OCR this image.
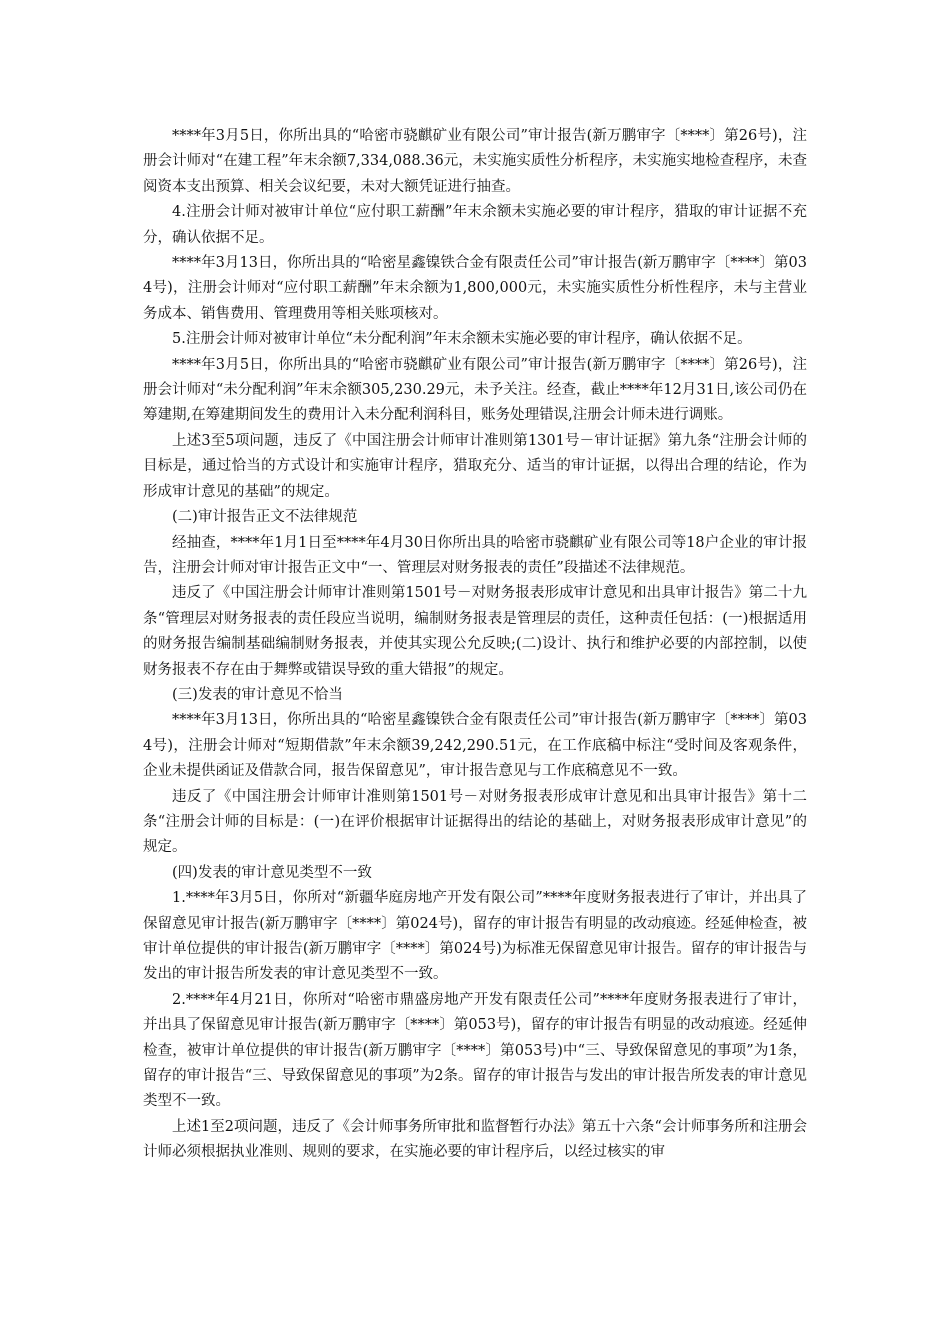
****年3月5日，你所出具的“哈密市骁麒矿业有限公司”审计报告(新万鹏审字〔****〕第26号)，注册会计师对“在建工程”年末余额7,334,088.36元，未实施实质性分析程序，未实施实地检查程序，未查阅资本支出预算、相关会议纪要，未对大额凭证进行抽查。

4.注册会计师对被审计单位“应付职工薪酬”年末余额未实施必要的审计程序，猎取的审计证据不充分，确认依据不足。

****年3月13日，你所出具的“哈密星鑫镍铁合金有限责任公司”审计报告(新万鹏审字〔****〕第034号)，注册会计师对“应付职工薪酬”年末余额为1,800,000元，未实施实质性分析性程序，未与主营业务成本、销售费用、管理费用等相关账项核对。

5.注册会计师对被审计单位“未分配利润”年末余额未实施必要的审计程序，确认依据不足。

****年3月5日，你所出具的“哈密市骁麒矿业有限公司”审计报告(新万鹏审字〔****〕第26号)，注册会计师对“未分配利润”年末余额305,230.29元，未予关注。经查，截止****年12月31日,该公司仍在筹建期,在筹建期间发生的费用计入未分配利润科目，账务处理错误,注册会计师未进行调账。

上述3至5项问题，违反了《中国注册会计师审计准则第1301号－审计证据》第九条“注册会计师的目标是，通过恰当的方式设计和实施审计程序，猎取充分、适当的审计证据，以得出合理的结论，作为形成审计意见的基础”的规定。

(二)审计报告正文不法律规范

经抽查，****年1月1日至****年4月30日你所出具的哈密市骁麒矿业有限公司等18户企业的审计报告，注册会计师对审计报告正文中“一、管理层对财务报表的责任”段描述不法律规范。

违反了《中国注册会计师审计准则第1501号－对财务报表形成审计意见和出具审计报告》第二十九条“管理层对财务报表的责任段应当说明，编制财务报表是管理层的责任，这种责任包括：(一)根据适用的财务报告编制基础编制财务报表，并使其实现公允反映;(二)设计、执行和维护必要的内部控制，以使财务报表不存在由于舞弊或错误导致的重大错报”的规定。

(三)发表的审计意见不恰当

****年3月13日，你所出具的“哈密星鑫镍铁合金有限责任公司”审计报告(新万鹏审字〔****〕第034号)，注册会计师对“短期借款”年末余额39,242,290.51元，在工作底稿中标注“受时间及客观条件，企业未提供函证及借款合同，报告保留意见”，审计报告意见与工作底稿意见不一致。

违反了《中国注册会计师审计准则第1501号－对财务报表形成审计意见和出具审计报告》第十二条“注册会计师的目标是：(一)在评价根据审计证据得出的结论的基础上，对财务报表形成审计意见”的规定。

(四)发表的审计意见类型不一致

1.****年3月5日，你所对“新疆华庭房地产开发有限公司”****年度财务报表进行了审计，并出具了保留意见审计报告(新万鹏审字〔****〕第024号)，留存的审计报告有明显的改动痕迹。经延伸检查，被审计单位提供的审计报告(新万鹏审字〔****〕第024号)为标准无保留意见审计报告。留存的审计报告与发出的审计报告所发表的审计意见类型不一致。

2.****年4月21日，你所对“哈密市鼎盛房地产开发有限责任公司”****年度财务报表进行了审计，并出具了保留意见审计报告(新万鹏审字〔****〕第053号)，留存的审计报告有明显的改动痕迹。经延伸检查，被审计单位提供的审计报告(新万鹏审字〔****〕第053号)中“三、导致保留意见的事项”为1条，留存的审计报告“三、导致保留意见的事项”为2条。留存的审计报告与发出的审计报告所发表的审计意见类型不一致。

上述1至2项问题，违反了《会计师事务所审批和监督暂行办法》第五十六条“会计师事务所和注册会计师必须根据执业准则、规则的要求，在实施必要的审计程序后，以经过核实的审
